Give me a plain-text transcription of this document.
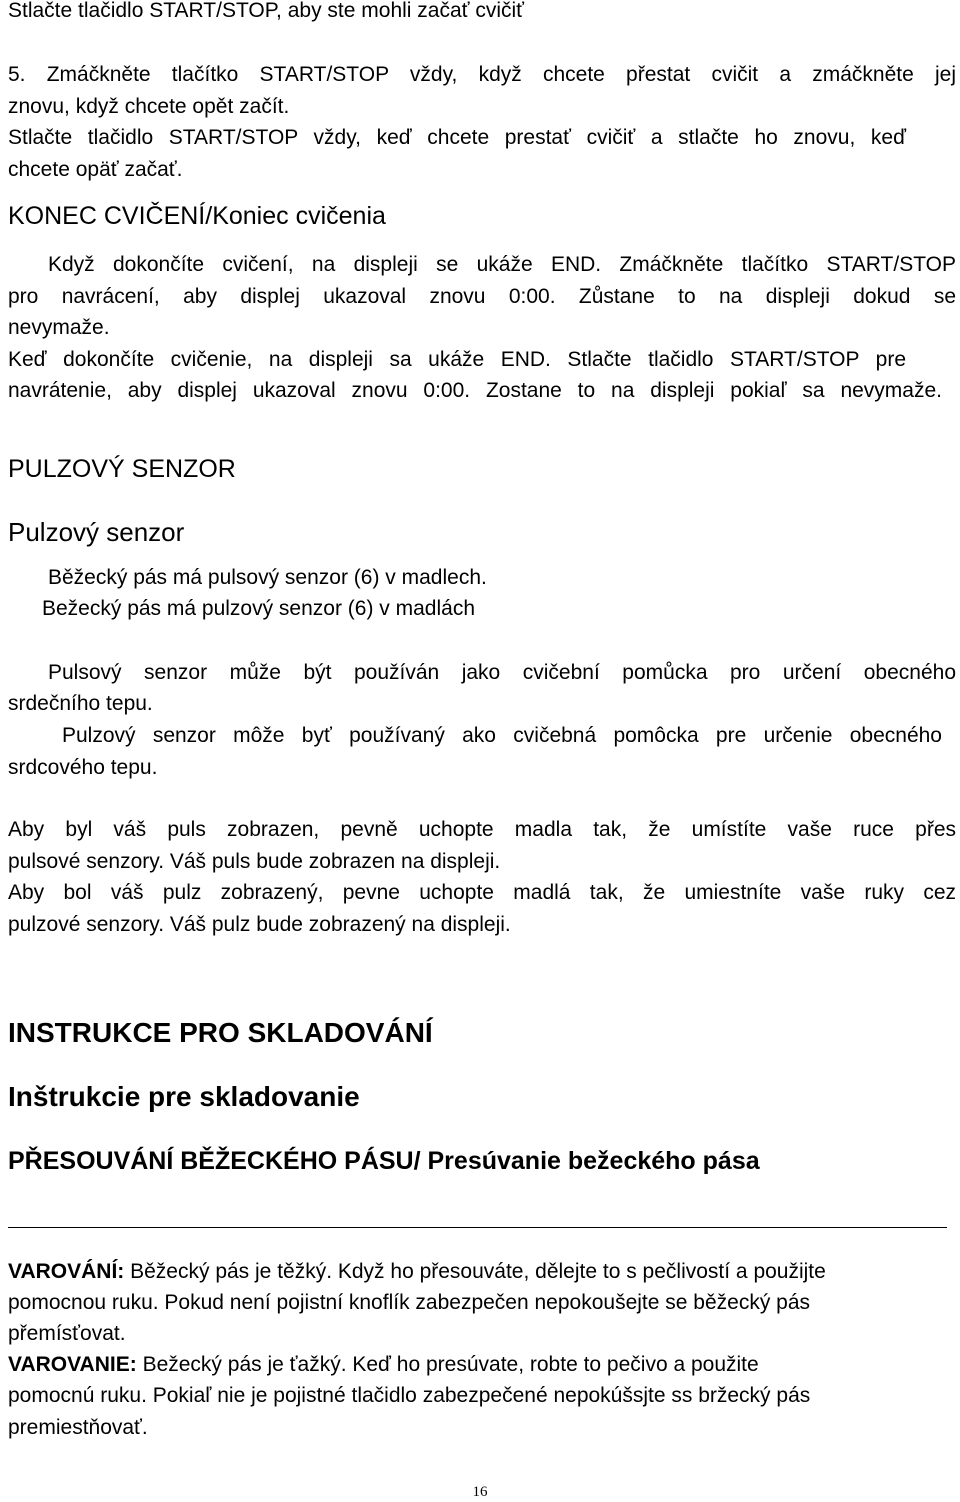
Stlačte tlačidlo START/STOP, aby ste mohli začať cvičiť
5. Zmáčkněte tlačítko START/STOP vždy, když chcete přestat cvičit a zmáčkněte jej
znovu, když chcete opět začít.
Stlačte tlačidlo START/STOP vždy, keď chcete prestať cvičiť a stlačte ho znovu, keď
chcete opäť začať.
KONEC CVIČENÍ/Koniec cvičenia
Když dokončíte cvičení, na displeji se ukáže END. Zmáčkněte tlačítko START/STOP
pro navrácení, aby displej ukazoval znovu 0:00. Zůstane to na displeji dokud se
nevymaže.
Keď dokončíte cvičenie, na displeji sa ukáže END. Stlačte tlačidlo START/STOP pre
navrátenie, aby displej ukazoval znovu 0:00. Zostane to na displeji pokiaľ sa nevymaže.
PULZOVÝ SENZOR
Pulzový senzor
Běžecký pás má pulsový senzor (6) v madlech.
Bežecký pás má pulzový senzor (6) v madlách
Pulsový senzor může být používán jako cvičební pomůcka pro určení obecného
srdečního tepu.
Pulzový senzor môže byť používaný ako cvičebná pomôcka pre určenie obecného
srdcového tepu.
Aby byl váš puls zobrazen, pevně uchopte madla tak, že umístíte vaše ruce přes
pulsové senzory. Váš puls bude zobrazen na displeji.
Aby bol váš pulz zobrazený, pevne uchopte madlá tak, že umiestníte vaše ruky cez
pulzové senzory. Váš pulz bude zobrazený na displeji.
INSTRUKCE PRO SKLADOVÁNÍ
Inštrukcie pre skladovanie
PŘESOUVÁNÍ BĚŽECKÉHO PÁSU/ Presúvanie bežeckého pása
VAROVÁNÍ: Běžecký pás je těžký. Když ho přesouváte, dělejte to s pečlivostí a použijte
pomocnou ruku. Pokud není pojistní knoflík zabezpečen nepokoušejte se běžecký pás
přemísťovat.
VAROVANIE: Bežecký pás je ťažký. Keď ho presúvate, robte to pečivo a použite
pomocnú ruku. Pokiaľ nie je pojistné tlačidlo zabezpečené nepokúšsjte ss bržecký pás
premiestňovať.
16
